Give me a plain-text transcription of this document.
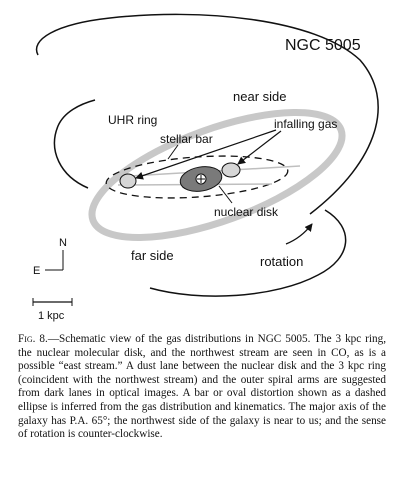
NGC 5005
near side
UHR ring	infalling gas
stellar bar
nuclear disk
far side	rotation
N
E
1 kpc

Fig. 8.—Schematic view of the gas distributions in NGC 5005. The 3 kpc ring, the nuclear molecular disk, and the northwest stream are seen in CO, as is a possible “east stream.” A dust lane between the nuclear disk and the 3 kpc ring (coincident with the northwest stream) and the outer spiral arms are suggested from dark lanes in optical images. A bar or oval distortion shown as a dashed ellipse is inferred from the gas distribution and kinematics. The major axis of the galaxy has P.A. 65°; the northwest side of the galaxy is near to us; and the sense of rotation is counter-clockwise.
